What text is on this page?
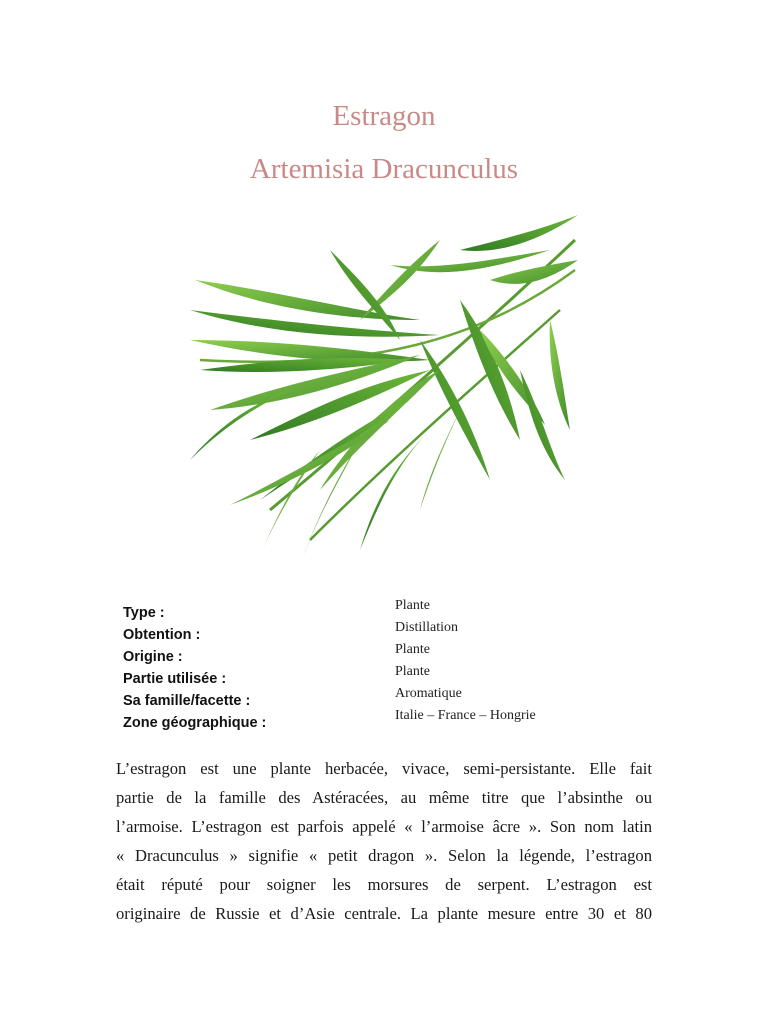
Estragon
Artemisia Dracunculus
Type :	Plante
Obtention :	Distillation
Origine :	Plante
Partie utilisée :	Plante
Sa famille/facette :	Aromatique
Zone géographique :	Italie – France – Hongrie
L’estragon est une plante herbacée, vivace, semi-persistante. Elle fait
partie de la famille des Astéracées, au même titre que l’absinthe ou
l’armoise. L’estragon est parfois appelé « l’armoise âcre ». Son nom latin
« Dracunculus » signifie « petit dragon ». Selon la légende, l’estragon
était réputé pour soigner les morsures de serpent. L’estragon est
originaire de Russie et d’Asie centrale. La plante mesure entre 30 et 80
